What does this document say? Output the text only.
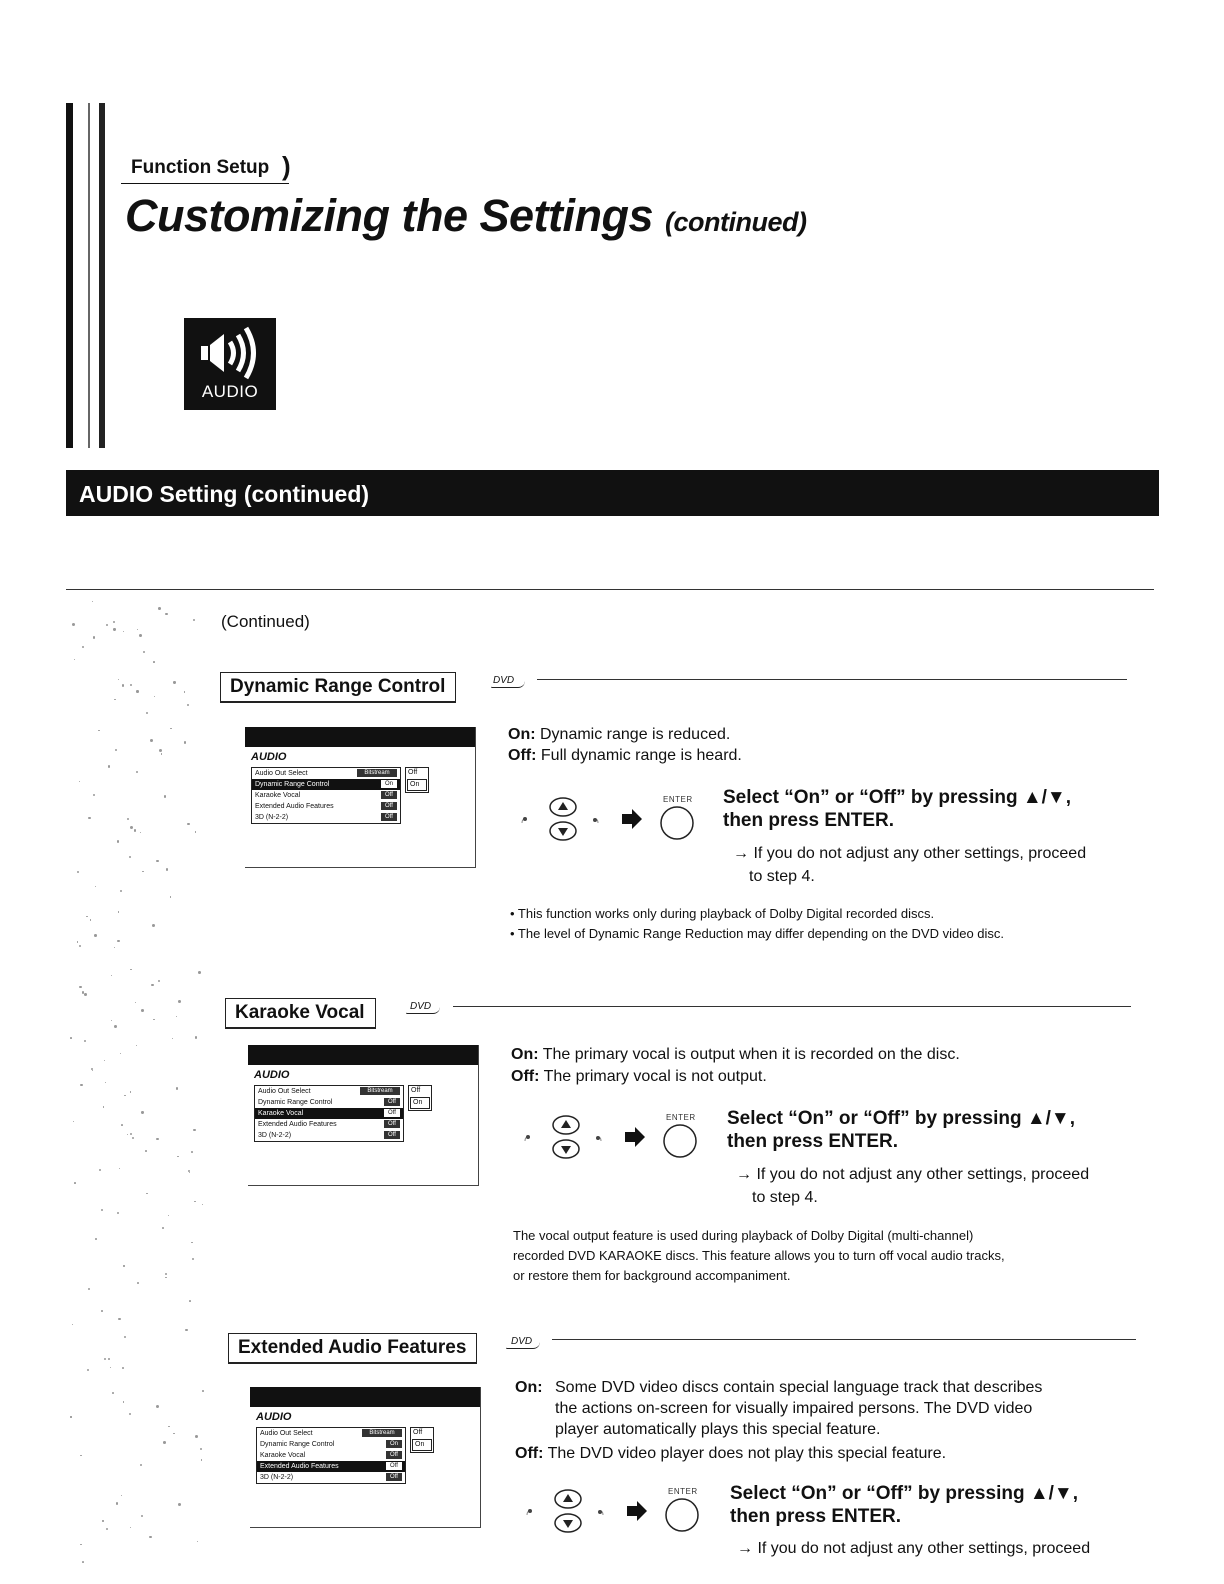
Function Setup )
Customizing the Settings (continued)
AUDIO
AUDIO Setting (continued)
(Continued)
Dynamic Range Control	DVD
AUDIO
Audio Out Select	Bitstream
Dynamic Range Control	On
Karaoke Vocal	Off
Extended Audio Features	Off
3D (N-2-2)	Off
Off
On
On: Dynamic range is reduced.
Off: Full dynamic range is heard.
ENTER Select “On” or “Off” by pressing ▲/▼,
then press ENTER.
→ If you do not adjust any other settings, proceed
to step 4.
• This function works only during playback of Dolby Digital recorded discs.
• The level of Dynamic Range Reduction may differ depending on the DVD video disc.
Karaoke Vocal	DVD
AUDIO
Audio Out Select	Bitstream
Dynamic Range Control	Off
Karaoke Vocal	Off
Extended Audio Features	Off
3D (N-2-2)	Off
Off
On
On: The primary vocal is output when it is recorded on the disc.
Off: The primary vocal is not output.
ENTER Select “On” or “Off” by pressing ▲/▼,
then press ENTER.
→ If you do not adjust any other settings, proceed
to step 4.
The vocal output feature is used during playback of Dolby Digital (multi-channel)
recorded DVD KARAOKE discs. This feature allows you to turn off vocal audio tracks,
or restore them for background accompaniment.
Extended Audio Features	DVD
AUDIO
Audio Out Select	Bitstream
Dynamic Range Control	On
Karaoke Vocal	Off
Extended Audio Features	Off
3D (N-2-2)	Off
Off
On
On: Some DVD video discs contain special language track that describes
the actions on-screen for visually impaired persons. The DVD video
player automatically plays this special feature.
Off: The DVD video player does not play this special feature.
ENTER Select “On” or “Off” by pressing ▲/▼,
then press ENTER.
→ If you do not adjust any other settings, proceed
